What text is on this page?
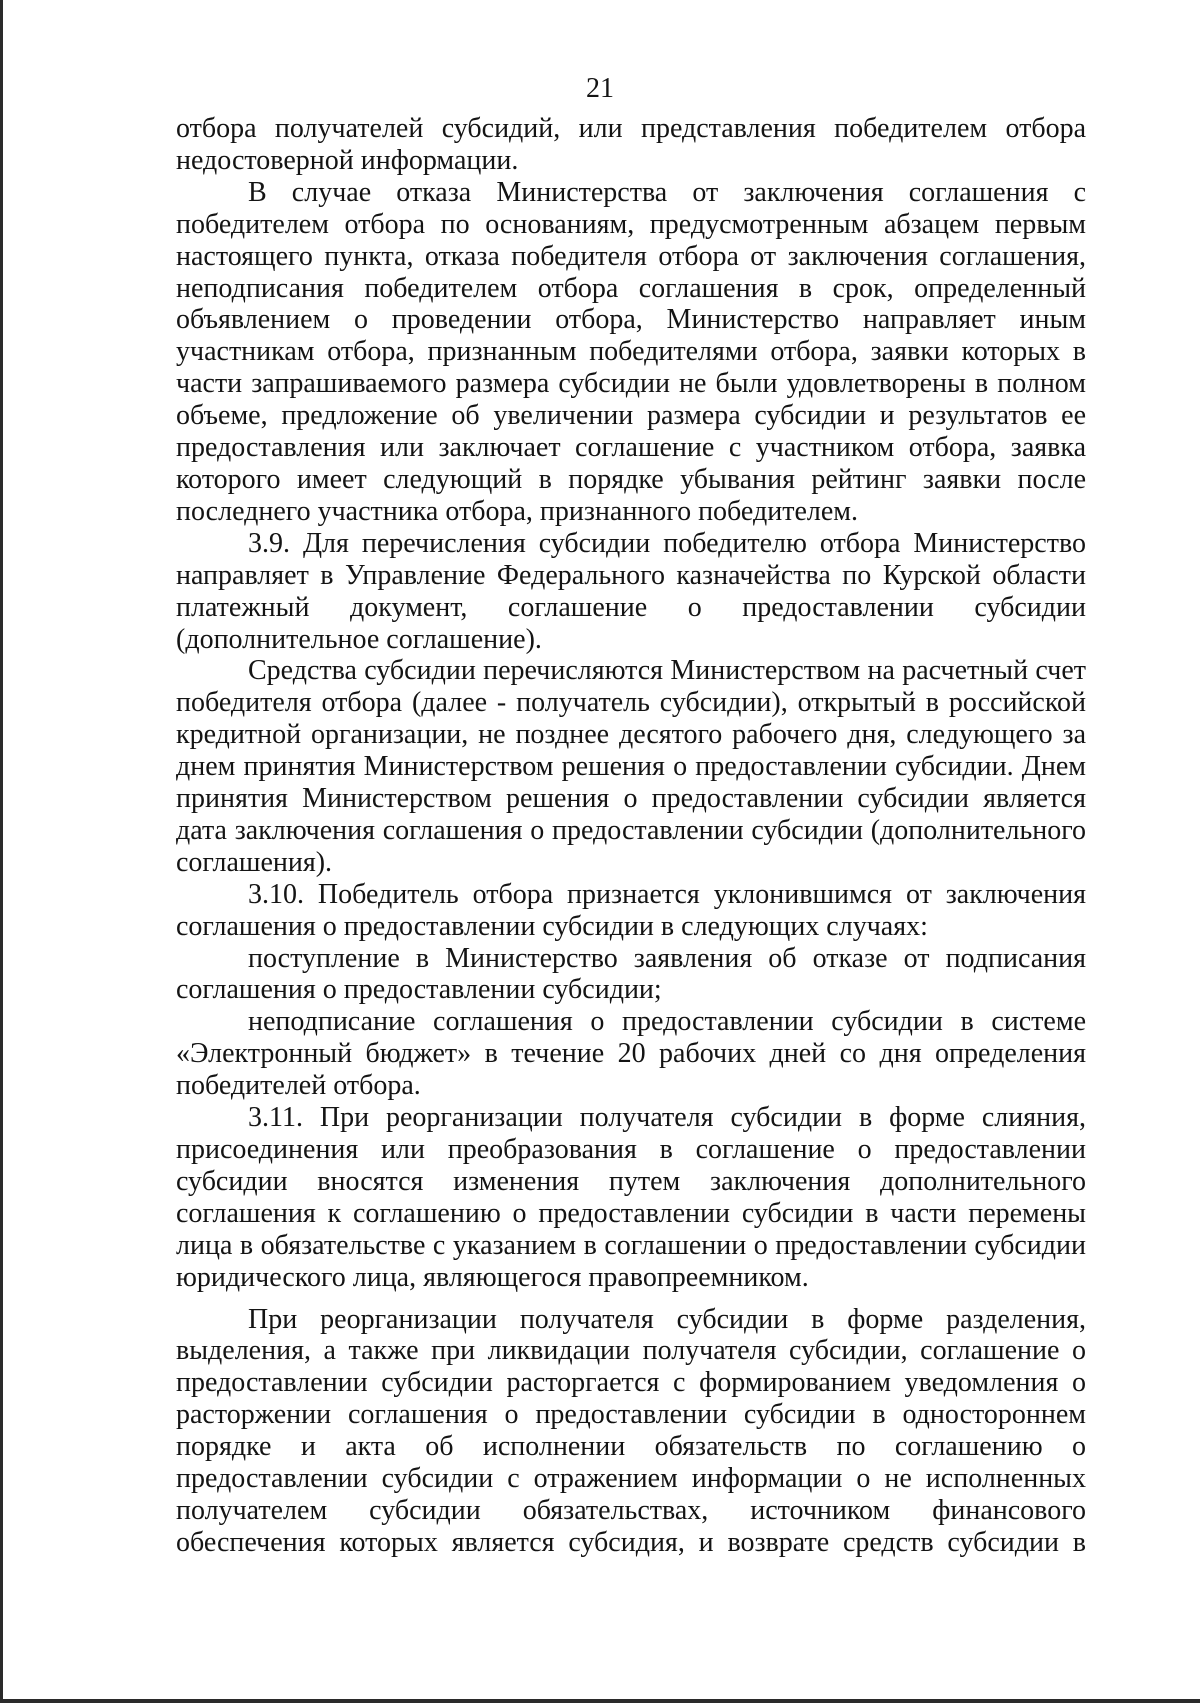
21

отбора получателей субсидий, или представления победителем отбора недостоверной информации.

В случае отказа Министерства от заключения соглашения с победителем отбора по основаниям, предусмотренным абзацем первым настоящего пункта, отказа победителя отбора от заключения соглашения, неподписания победителем отбора соглашения в срок, определенный объявлением о проведении отбора, Министерство направляет иным участникам отбора, признанным победителями отбора, заявки которых в части запрашиваемого размера субсидии не были удовлетворены в полном объеме, предложение об увеличении размера субсидии и результатов ее предоставления или заключает соглашение с участником отбора, заявка которого имеет следующий в порядке убывания рейтинг заявки после последнего участника отбора, признанного победителем.

3.9. Для перечисления субсидии победителю отбора Министерство направляет в Управление Федерального казначейства по Курской области платежный документ, соглашение о предоставлении субсидии (дополнительное соглашение).

Средства субсидии перечисляются Министерством на расчетный счет победителя отбора (далее - получатель субсидии), открытый в российской кредитной организации, не позднее десятого рабочего дня, следующего за днем принятия Министерством решения о предоставлении субсидии. Днем принятия Министерством решения о предоставлении субсидии является дата заключения соглашения о предоставлении субсидии (дополнительного соглашения).

3.10. Победитель отбора признается уклонившимся от заключения соглашения о предоставлении субсидии в следующих случаях:

поступление в Министерство заявления об отказе от подписания соглашения о предоставлении субсидии;

неподписание соглашения о предоставлении субсидии в системе «Электронный бюджет» в течение 20 рабочих дней со дня определения победителей отбора.

3.11. При реорганизации получателя субсидии в форме слияния, присоединения или преобразования в соглашение о предоставлении субсидии вносятся изменения путем заключения дополнительного соглашения к соглашению о предоставлении субсидии в части перемены лица в обязательстве с указанием в соглашении о предоставлении субсидии юридического лица, являющегося правопреемником.

При реорганизации получателя субсидии в форме разделения, выделения, а также при ликвидации получателя субсидии, соглашение о предоставлении субсидии расторгается с формированием уведомления о расторжении соглашения о предоставлении субсидии в одностороннем порядке и акта об исполнении обязательств по соглашению о предоставлении субсидии с отражением информации о не исполненных получателем субсидии обязательствах, источником финансового обеспечения которых является субсидия, и возврате средств субсидии в
